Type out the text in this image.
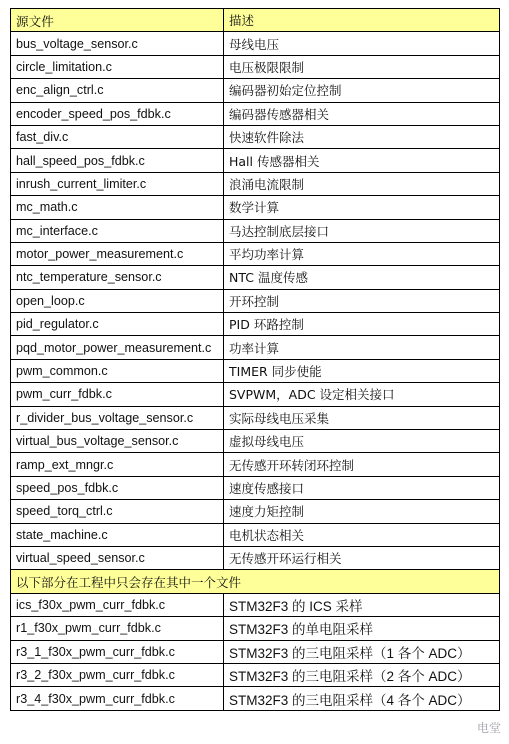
源文件	描述
bus_voltage_sensor.c	母线电压
circle_limitation.c	电压极限限制
enc_align_ctrl.c	编码器初始定位控制
encoder_speed_pos_fdbk.c	编码器传感器相关
fast_div.c	快速软件除法
hall_speed_pos_fdbk.c	Hall 传感器相关
inrush_current_limiter.c	浪涌电流限制
mc_math.c	数学计算
mc_interface.c	马达控制底层接口
motor_power_measurement.c	平均功率计算
ntc_temperature_sensor.c	NTC 温度传感
open_loop.c	开环控制
pid_regulator.c	PID 环路控制
pqd_motor_power_measurement.c	功率计算
pwm_common.c	TIMER 同步使能
pwm_curr_fdbk.c	SVPWM，ADC 设定相关接口
r_divider_bus_voltage_sensor.c	实际母线电压采集
virtual_bus_voltage_sensor.c	虚拟母线电压
ramp_ext_mngr.c	无传感开环转闭环控制
speed_pos_fdbk.c	速度传感接口
speed_torq_ctrl.c	速度力矩控制
state_machine.c	电机状态相关
virtual_speed_sensor.c	无传感开环运行相关
以下部分在工程中只会存在其中一个文件	
ics_f30x_pwm_curr_fdbk.c	STM32F3 的 ICS 采样
r1_f30x_pwm_curr_fdbk.c	STM32F3 的单电阻采样
r3_1_f30x_pwm_curr_fdbk.c	STM32F3 的三电阻采样（1 各个 ADC）
r3_2_f30x_pwm_curr_fdbk.c	STM32F3 的三电阻采样（2 各个 ADC）
r3_4_f30x_pwm_curr_fdbk.c	STM32F3 的三电阻采样（4 各个 ADC）
电堂
